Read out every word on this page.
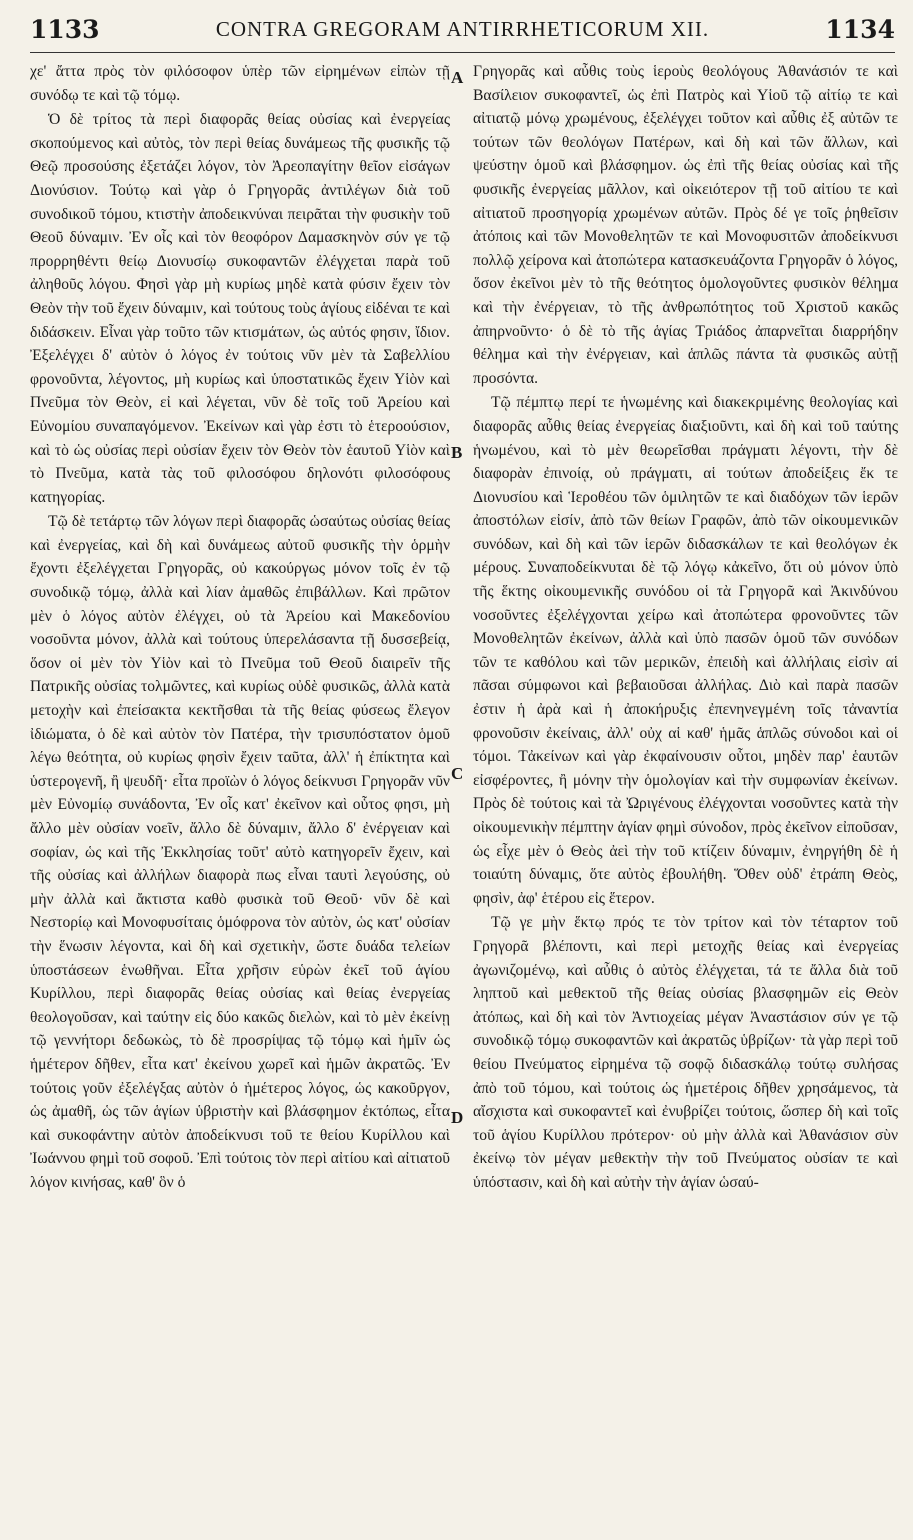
1133	CONTRA GREGORAM ANTIRRHETICORUM XII.	1134

χε' ἄττα πρὸς τὸν φιλόσοφον ὑπὲρ τῶν εἰρημένων εἰπὼν τῇ συνόδῳ τε καὶ τῷ τόμῳ.

Ὁ δὲ τρίτος τὰ περὶ διαφορᾶς θείας οὐσίας καὶ ἐνεργείας σκοπούμενος καὶ αὐτὸς, τὸν περὶ θείας δυνάμεως τῆς φυσικῆς τῷ Θεῷ προσούσης ἐξετάζει λόγον, τὸν Ἀρεοπαγίτην θεῖον εἰσάγων Διονύσιον. Τούτῳ καὶ γὰρ ὁ Γρηγορᾶς ἀντιλέγων διὰ τοῦ συνοδικοῦ τόμου, κτιστὴν ἀποδεικνύναι πειρᾶται τὴν φυσικὴν τοῦ Θεοῦ δύναμιν. Ἐν οἷς καὶ τὸν θεοφόρον Δαμασκηνὸν σύν γε τῷ προρρηθέντι θείῳ Διονυσίῳ συκοφαντῶν ἐλέγχεται παρὰ τοῦ ἀληθοῦς λόγου. Φησὶ γὰρ μὴ κυρίως μηδὲ κατὰ φύσιν ἔχειν τὸν Θεὸν τὴν τοῦ ἔχειν δύναμιν, καὶ τούτους τοὺς ἁγίους εἰδέναι τε καὶ διδάσκειν. Εἶναι γὰρ τοῦτο τῶν κτισμάτων, ὡς αὐτός φησιν, ἴδιον. Ἐξελέγχει δ' αὐτὸν ὁ λόγος ἐν τούτοις νῦν μὲν τὰ Σαβελλίου φρονοῦντα, λέγοντος, μὴ κυρίως καὶ ὑποστατικῶς ἔχειν Υἱὸν καὶ Πνεῦμα τὸν Θεὸν, εἰ καὶ λέγεται, νῦν δὲ τοῖς τοῦ Ἀρείου καὶ Εὐνομίου συναπαγόμενον. Ἐκείνων καὶ γὰρ ἐστι τὸ ἑτεροούσιον, καὶ τὸ ὡς οὐσίας περὶ οὐσίαν ἔχειν τὸν Θεὸν τὸν ἑαυτοῦ Υἱὸν καὶ τὸ Πνεῦμα, κατὰ τὰς τοῦ φιλοσόφου δηλονότι φιλοσόφους κατηγορίας.

Τῷ δὲ τετάρτῳ τῶν λόγων περὶ διαφορᾶς ὡσαύτως οὐσίας θείας καὶ ἐνεργείας, καὶ δὴ καὶ δυνάμεως αὐτοῦ φυσικῆς τὴν ὁρμὴν ἔχοντι ἐξελέγχεται Γρηγορᾶς, οὐ κακούργως μόνον τοῖς ἐν τῷ συνοδικῷ τόμῳ, ἀλλὰ καὶ λίαν ἀμαθῶς ἐπιβάλλων. Καὶ πρῶτον μὲν ὁ λόγος αὐτὸν ἐλέγχει, οὐ τὰ Ἀρείου καὶ Μακεδονίου νοσοῦντα μόνον, ἀλλὰ καὶ τούτους ὑπερελάσαντα τῇ δυσσεβείᾳ, ὅσον οἱ μὲν τὸν Υἱὸν καὶ τὸ Πνεῦμα τοῦ Θεοῦ διαιρεῖν τῆς Πατρικῆς οὐσίας τολμῶντες, καὶ κυρίως οὐδὲ φυσικῶς, ἀλλὰ κατὰ μετοχὴν καὶ ἐπείσακτα κεκτῆσθαι τὰ τῆς θείας φύσεως ἔλεγον ἰδιώματα, ὁ δὲ καὶ αὐτὸν τὸν Πατέρα, τὴν τρισυπόστατον ὁμοῦ λέγω θεότητα, οὐ κυρίως φησὶν ἔχειν ταῦτα, ἀλλ' ἡ ἐπίκτητα καὶ ὑστερογενῆ, ἢ ψευδῆ· εἶτα προϊὼν ὁ λόγος δείκνυσι Γρηγορᾶν νῦν μὲν Εὐνομίῳ συνάδοντα, Ἐν οἷς κατ' ἐκεῖνον καὶ οὗτος φησι, μὴ ἄλλο μὲν οὐσίαν νοεῖν, ἄλλο δὲ δύναμιν, ἄλλο δ' ἐνέργειαν καὶ σοφίαν, ὡς καὶ τῆς Ἐκκλησίας τοῦτ' αὐτὸ κατηγορεῖν ἔχειν, καὶ τῆς οὐσίας καὶ ἀλλήλων διαφορὰ πως εἶναι ταυτὶ λεγούσης, οὐ μὴν ἀλλὰ καὶ ἄκτιστα καθὸ φυσικὰ τοῦ Θεοῦ· νῦν δὲ καὶ Νεστορίῳ καὶ Μονοφυσίταις ὁμόφρονα τὸν αὐτὸν, ὡς κατ' οὐσίαν τὴν ἕνωσιν λέγοντα, καὶ δὴ καὶ σχετικὴν, ὥστε δυάδα τελείων ὑποστάσεων ἑνωθῆναι. Εἶτα χρῆσιν εὑρὼν ἐκεῖ τοῦ ἁγίου Κυρίλλου, περὶ διαφορᾶς θείας οὐσίας καὶ θείας ἐνεργείας θεολογοῦσαν, καὶ ταύτην εἰς δύο κακῶς διελὼν, καὶ τὸ μὲν ἐκείνῃ τῷ γεννήτορι δεδωκὼς, τὸ δὲ προσρίψας τῷ τόμῳ καὶ ἡμῖν ὡς ἡμέτερον δῆθεν, εἶτα κατ' ἐκείνου χωρεῖ καὶ ἡμῶν ἀκρατῶς. Ἐν τούτοις γοῦν ἐξελέγξας αὐτὸν ὁ ἡμέτερος λόγος, ὡς κακοῦργον, ὡς ἀμαθῆ, ὡς τῶν ἁγίων ὑβριστὴν καὶ βλάσφημον ἐκτόπως, εἶτα καὶ συκοφάντην αὐτὸν ἀποδείκνυσι τοῦ τε θείου Κυρίλλου καὶ Ἰωάννου φημὶ τοῦ σοφοῦ. Ἐπὶ τούτοις τὸν περὶ αἰτίου καὶ αἰτιατοῦ λόγον κινήσας, καθ' ὃν ὁ

A
B
C
D

Γρηγορᾶς καὶ αὖθις τοὺς ἱεροὺς θεολόγους Ἀθανάσιόν τε καὶ Βασίλειον συκοφαντεῖ, ὡς ἐπὶ Πατρὸς καὶ Υἱοῦ τῷ αἰτίῳ τε καὶ αἰτιατῷ μόνῳ χρωμένους, ἐξελέγχει τοῦτον καὶ αὖθις ἐξ αὐτῶν τε τούτων τῶν θεολόγων Πατέρων, καὶ δὴ καὶ τῶν ἄλλων, καὶ ψεύστην ὁμοῦ καὶ βλάσφημον. ὡς ἐπὶ τῆς θείας οὐσίας καὶ τῆς φυσικῆς ἐνεργείας μᾶλλον, καὶ οἰκειότερον τῇ τοῦ αἰτίου τε καὶ αἰτιατοῦ προσηγορίᾳ χρωμένων αὐτῶν. Πρὸς δέ γε τοῖς ῥηθεῖσιν ἀτόποις καὶ τῶν Μονοθελητῶν τε καὶ Μονοφυσιτῶν ἀποδείκνυσι πολλῷ χείρονα καὶ ἀτοπώτερα κατασκευάζοντα Γρηγορᾶν ὁ λόγος, ὅσον ἐκεῖνοι μὲν τὸ τῆς θεότητος ὁμολογοῦντες φυσικὸν θέλημα καὶ τὴν ἐνέργειαν, τὸ τῆς ἀνθρωπότητος τοῦ Χριστοῦ κακῶς ἀπηρνοῦντο· ὁ δὲ τὸ τῆς ἁγίας Τριάδος ἀπαρνεῖται διαρρήδην θέλημα καὶ τὴν ἐνέργειαν, καὶ ἁπλῶς πάντα τὰ φυσικῶς αὐτῇ προσόντα.

Τῷ πέμπτῳ περί τε ἡνωμένης καὶ διακεκριμένης θεολογίας καὶ διαφορᾶς αὖθις θείας ἐνεργείας διαξιοῦντι, καὶ δὴ καὶ τοῦ ταύτης ἡνωμένου, καὶ τὸ μὲν θεωρεῖσθαι πράγματι λέγοντι, τὴν δὲ διαφορὰν ἐπινοίᾳ, οὐ πράγματι, αἱ τούτων ἀποδείξεις ἔκ τε Διονυσίου καὶ Ἱεροθέου τῶν ὁμιλητῶν τε καὶ διαδόχων τῶν ἱερῶν ἀποστόλων εἰσίν, ἀπὸ τῶν θείων Γραφῶν, ἀπὸ τῶν οἰκουμενικῶν συνόδων, καὶ δὴ καὶ τῶν ἱερῶν διδασκάλων τε καὶ θεολόγων ἐκ μέρους. Συναποδείκνυται δὲ τῷ λόγῳ κἀκεῖνο, ὅτι οὐ μόνον ὑπὸ τῆς ἕκτης οἰκουμενικῆς συνόδου οἱ τὰ Γρηγορᾶ καὶ Ἀκινδύνου νοσοῦντες ἐξελέγχονται χείρω καὶ ἀτοπώτερα φρονοῦντες τῶν Μονοθελητῶν ἐκείνων, ἀλλὰ καὶ ὑπὸ πασῶν ὁμοῦ τῶν συνόδων τῶν τε καθόλου καὶ τῶν μερικῶν, ἐπειδὴ καὶ ἀλλήλαις εἰσὶν αἱ πᾶσαι σύμφωνοι καὶ βεβαιοῦσαι ἀλλήλας. Διὸ καὶ παρὰ πασῶν ἐστιν ἡ ἀρὰ καὶ ἡ ἀποκήρυξις ἐπενηνεγμένη τοῖς τἀναντία φρονοῦσιν ἐκείναις, ἀλλ' οὐχ αἱ καθ' ἡμᾶς ἁπλῶς σύνοδοι καὶ οἱ τόμοι. Τἀκείνων καὶ γὰρ ἐκφαίνουσιν οὗτοι, μηδὲν παρ' ἑαυτῶν εἰσφέροντες, ἢ μόνην τὴν ὁμολογίαν καὶ τὴν συμφωνίαν ἐκείνων. Πρὸς δὲ τούτοις καὶ τὰ Ὠριγένους ἐλέγχονται νοσοῦντες κατὰ τὴν οἰκουμενικὴν πέμπτην ἁγίαν φημὶ σύνοδον, πρὸς ἐκεῖνον εἰποῦσαν, ὡς εἶχε μὲν ὁ Θεὸς ἀεὶ τὴν τοῦ κτίζειν δύναμιν, ἐνηργήθη δὲ ἡ τοιαύτη δύναμις, ὅτε αὐτὸς ἐβουλήθη. Ὅθεν οὐδ' ἐτράπη Θεὸς, φησὶν, ἀφ' ἑτέρου εἰς ἕτερον.

Τῷ γε μὴν ἕκτῳ πρός τε τὸν τρίτον καὶ τὸν τέταρτον τοῦ Γρηγορᾶ βλέποντι, καὶ περὶ μετοχῆς θείας καὶ ἐνεργείας ἀγωνιζομένῳ, καὶ αὖθις ὁ αὐτὸς ἐλέγχεται, τά τε ἄλλα διὰ τοῦ ληπτοῦ καὶ μεθεκτοῦ τῆς θείας οὐσίας βλασφημῶν εἰς Θεὸν ἀτόπως, καὶ δὴ καὶ τὸν Ἀντιοχείας μέγαν Ἀναστάσιον σύν γε τῷ συνοδικῷ τόμῳ συκοφαντῶν καὶ ἀκρατῶς ὑβρίζων· τὰ γὰρ περὶ τοῦ θείου Πνεύματος εἰρημένα τῷ σοφῷ διδασκάλῳ τούτῳ συλήσας ἀπὸ τοῦ τόμου, καὶ τούτοις ὡς ἡμετέροις δῆθεν χρησάμενος, τὰ αἴσχιστα καὶ συκοφαντεῖ καὶ ἐνυβρίζει τούτοις, ὥσπερ δὴ καὶ τοῖς τοῦ ἁγίου Κυρίλλου πρότερον· οὐ μὴν ἀλλὰ καὶ Ἀθανάσιον σὺν ἐκείνῳ τὸν μέγαν μεθεκτὴν τὴν τοῦ Πνεύματος οὐσίαν τε καὶ ὑπόστασιν, καὶ δὴ καὶ αὐτὴν τὴν ἁγίαν ὡσαύ-
